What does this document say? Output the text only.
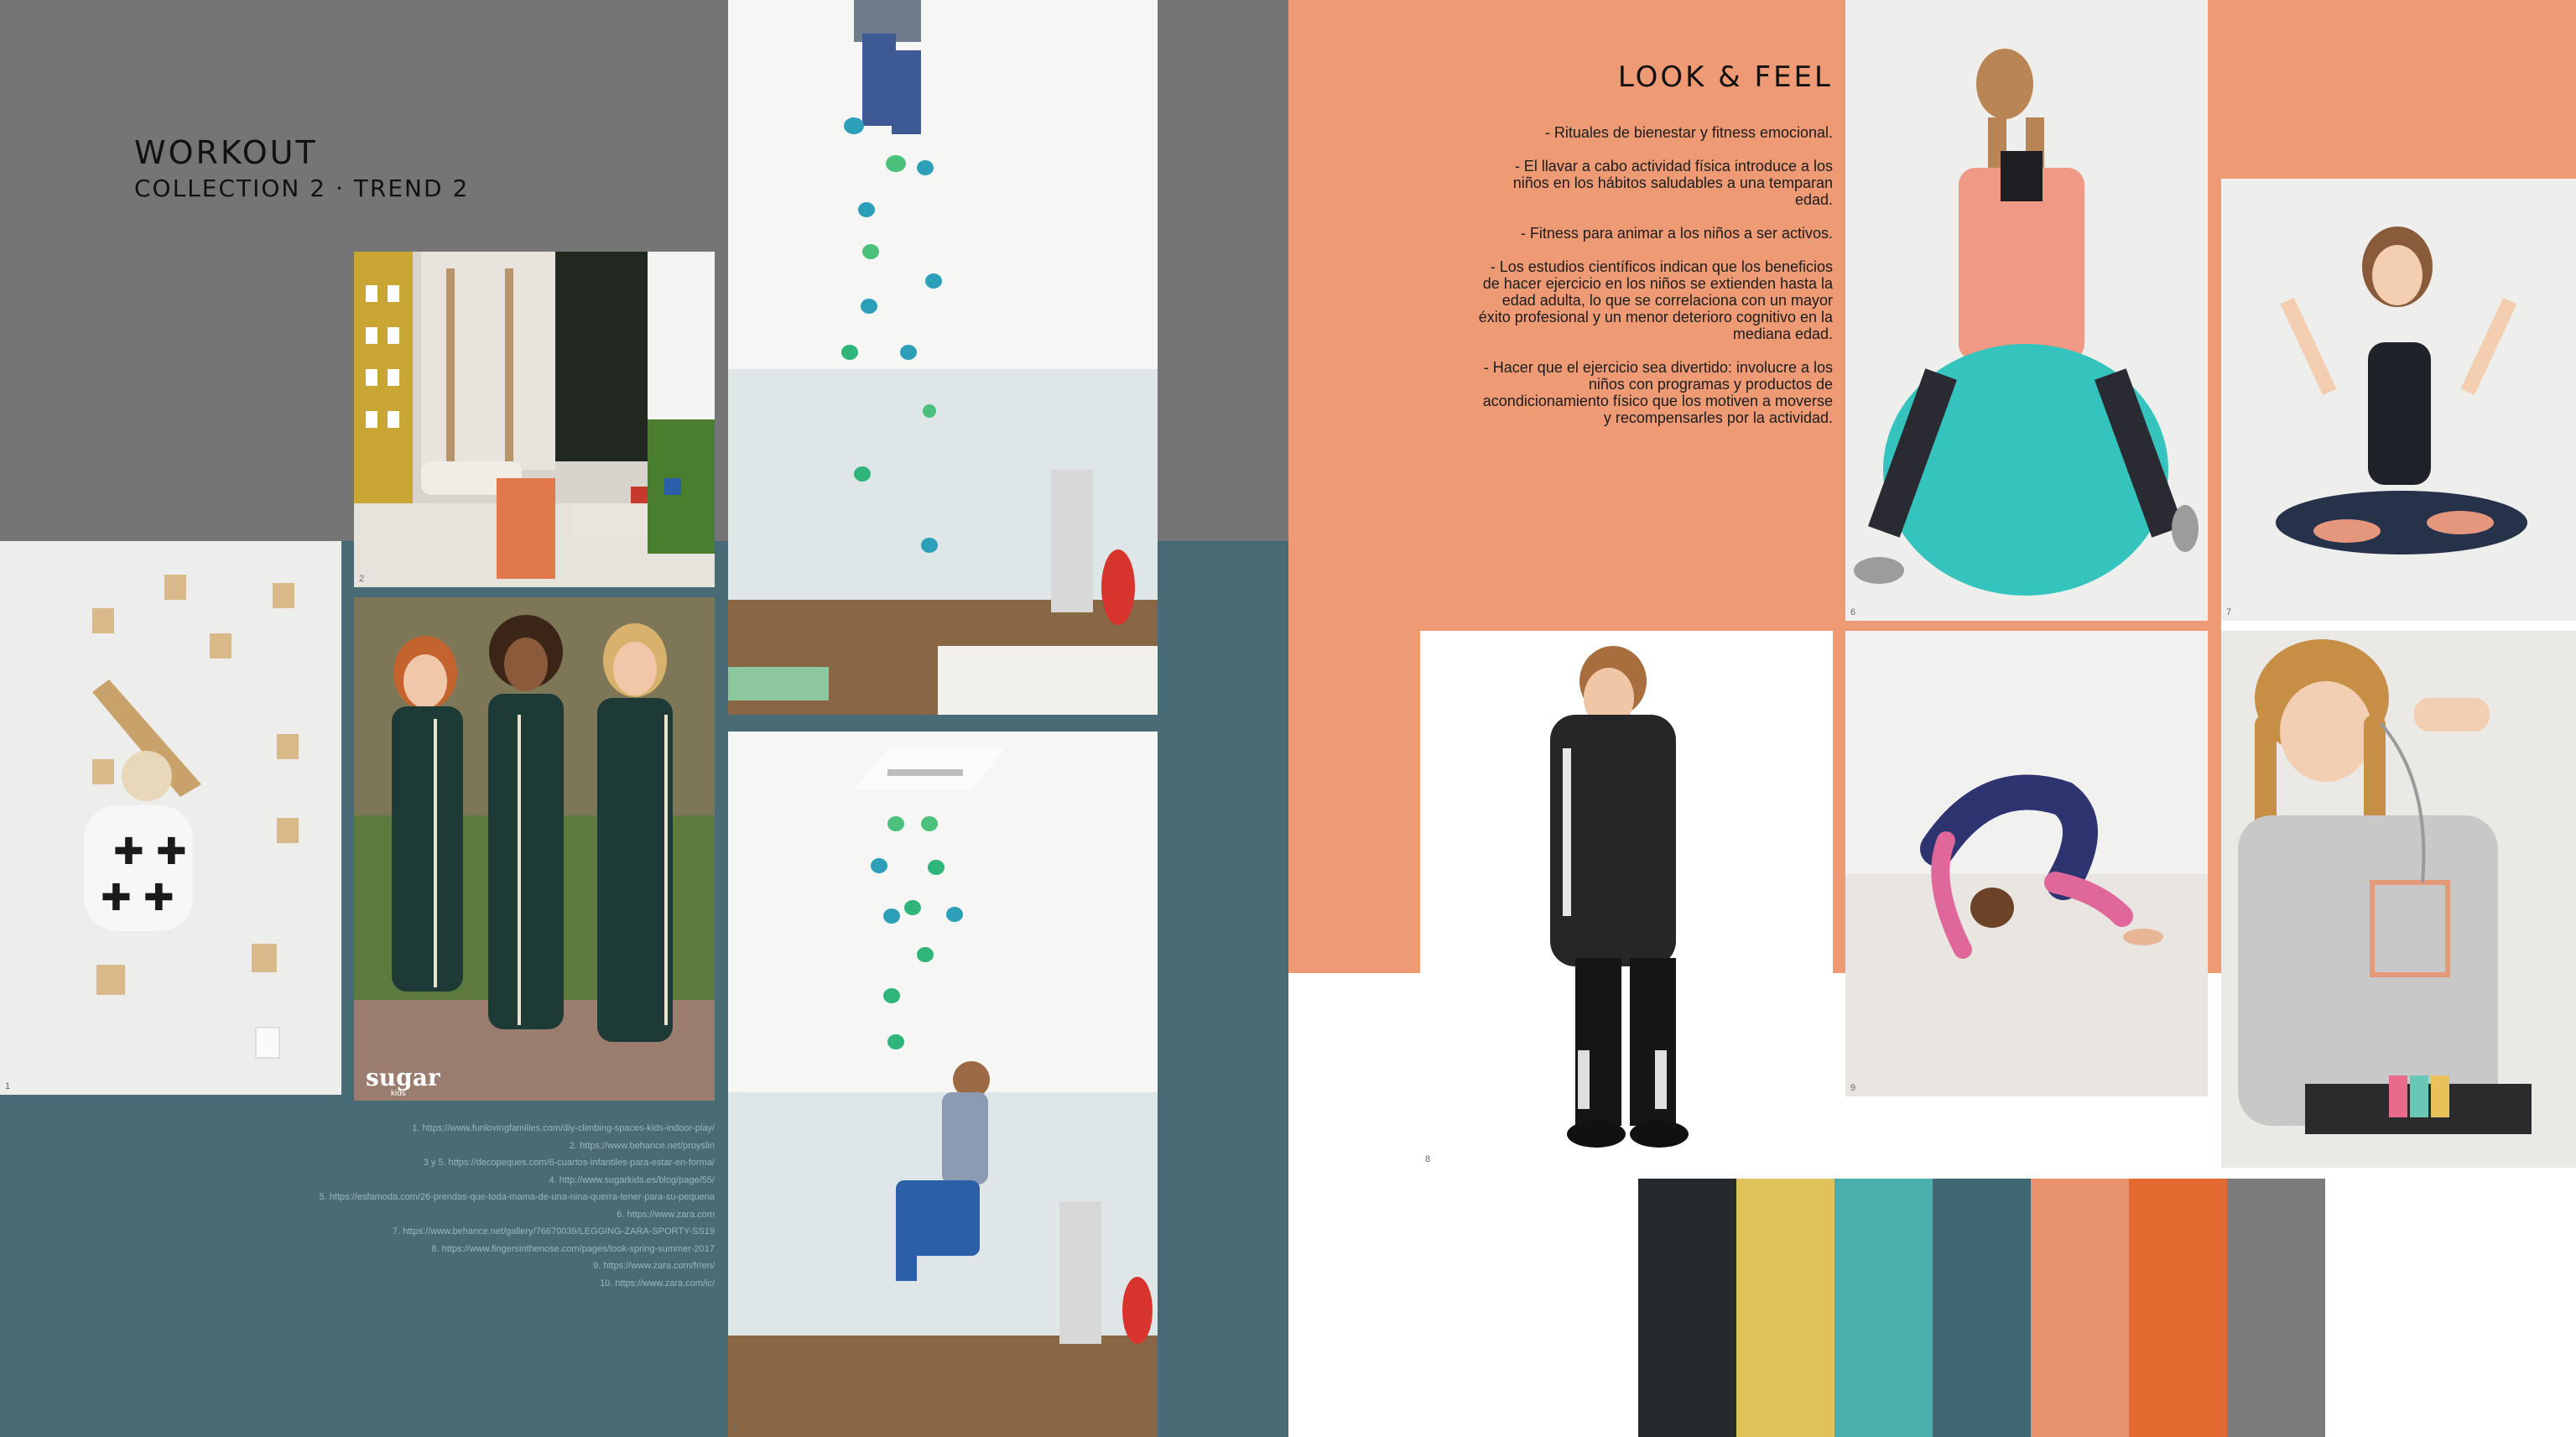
WORKOUT
COLLECTION 2 · TREND 2
✚ ✚
✚ ✚
1
2
sugar
kids
5
1. https://www.funlovingfamilies.com/diy-climbing-spaces-kids-indoor-play/
2. https://www.behance.net/proyslin
3 y 5. https://decopeques.com/6-cuartos-infantiles-para-estar-en-forma/
4. http://www.sugarkids.es/blog/page/55/
5. https://esfamoda.com/26-prendas-que-toda-mama-de-una-nina-querra-tener-para-su-pequena
6. https://www.zara.com
7. https://www.behance.net/gallery/76670039/LEGGING-ZARA-SPORTY-SS19
8. https://www.fingersinthenose.com/pages/look-spring-summer-2017
9. https://www.zara.com/fr/en/
10. https://www.zara.com/ic/
LOOK & FEEL

- Rituales de bienestar y fitness emocional.

- El llavar a cabo actividad física introduce a los niños en los hábitos saludables a una temparan edad.

- Fitness para animar a los niños a ser activos.

- Los estudios científicos indican que los beneficios de hacer ejercicio en los niños se extienden hasta la edad adulta, lo que se correlaciona con un mayor éxito profesional y un menor deterioro cognitivo en la mediana edad.

- Hacer que el ejercicio sea divertido: involucre a los niños con programas y productos de acondicionamiento físico que los motiven a moverse y recompensarles por la actividad.

6	7
8
9
